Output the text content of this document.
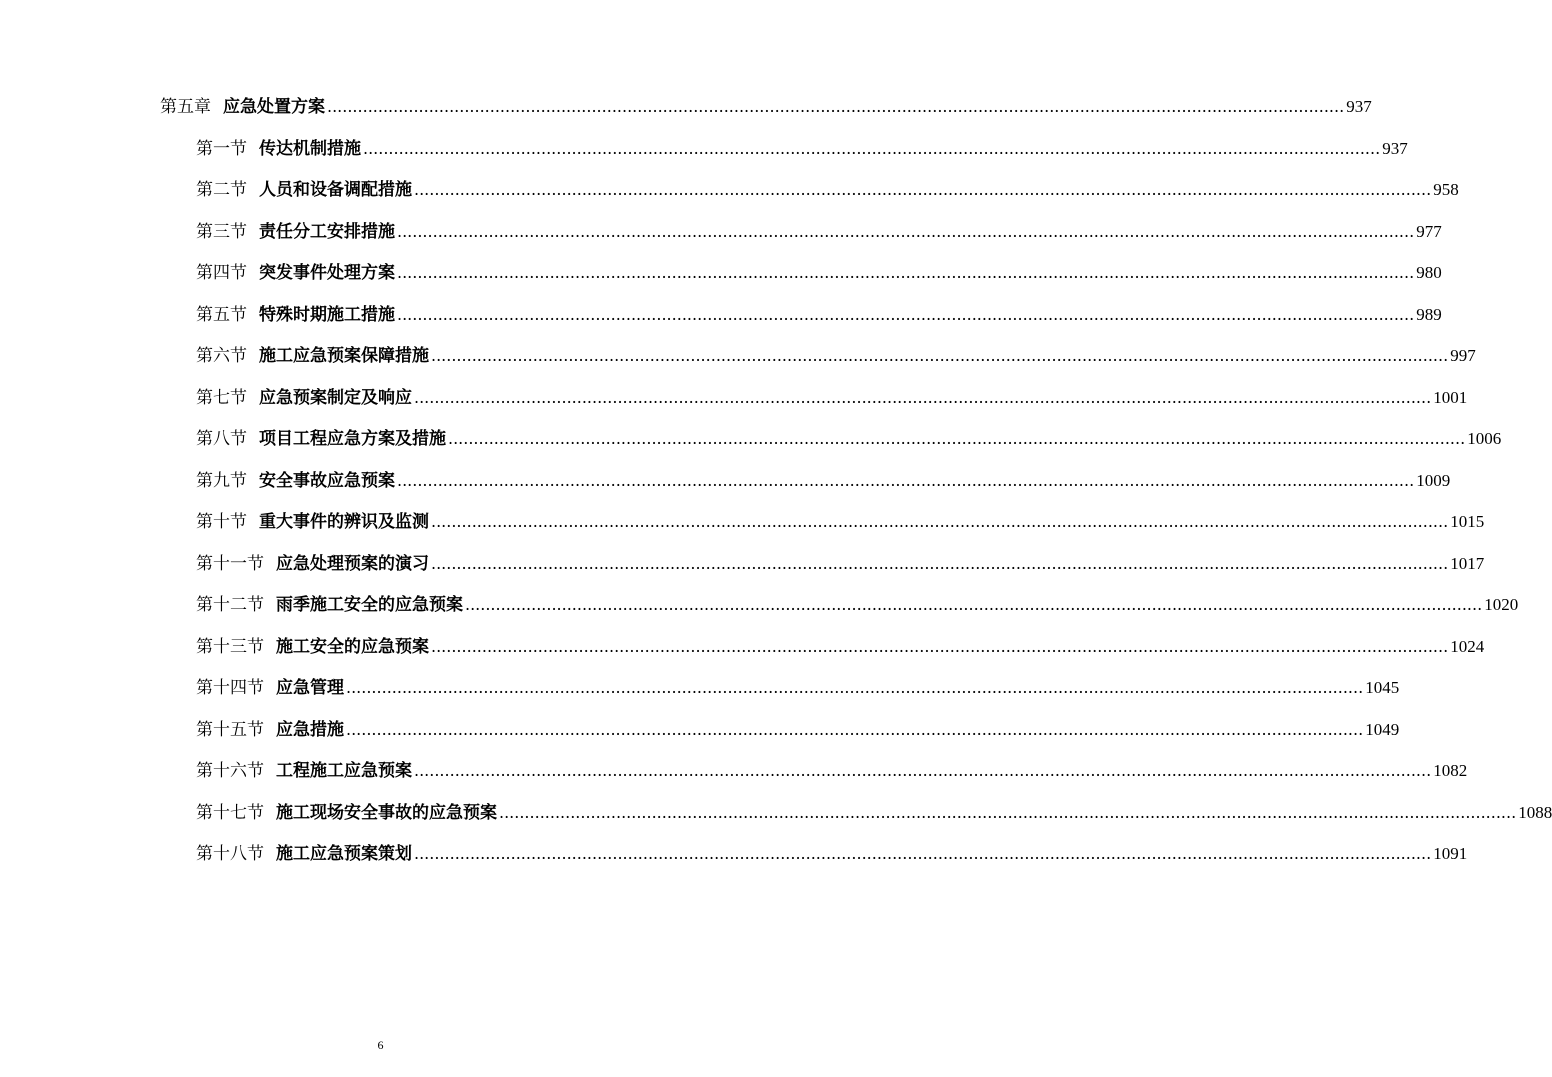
第五章 应急处置方案 ........................................................................................................................................................................................................ 937
第一节 传达机制措施 ........................................................................................................................................................................................................ 937
第二节 人员和设备调配措施 ........................................................................................................................................................................................................ 958
第三节 责任分工安排措施 ........................................................................................................................................................................................................ 977
第四节 突发事件处理方案 ........................................................................................................................................................................................................ 980
第五节 特殊时期施工措施 ........................................................................................................................................................................................................ 989
第六节 施工应急预案保障措施 ........................................................................................................................................................................................................ 997
第七节 应急预案制定及响应 ........................................................................................................................................................................................................ 1001
第八节 项目工程应急方案及措施 ........................................................................................................................................................................................................ 1006
第九节 安全事故应急预案 ........................................................................................................................................................................................................ 1009
第十节 重大事件的辨识及监测 ........................................................................................................................................................................................................ 1015
第十一节 应急处理预案的演习 ........................................................................................................................................................................................................ 1017
第十二节 雨季施工安全的应急预案 ........................................................................................................................................................................................................ 1020
第十三节 施工安全的应急预案 ........................................................................................................................................................................................................ 1024
第十四节 应急管理 ........................................................................................................................................................................................................ 1045
第十五节 应急措施 ........................................................................................................................................................................................................ 1049
第十六节 工程施工应急预案 ........................................................................................................................................................................................................ 1082
第十七节 施工现场安全事故的应急预案 ........................................................................................................................................................................................................ 1088
第十八节 施工应急预案策划 ........................................................................................................................................................................................................ 1091
6
